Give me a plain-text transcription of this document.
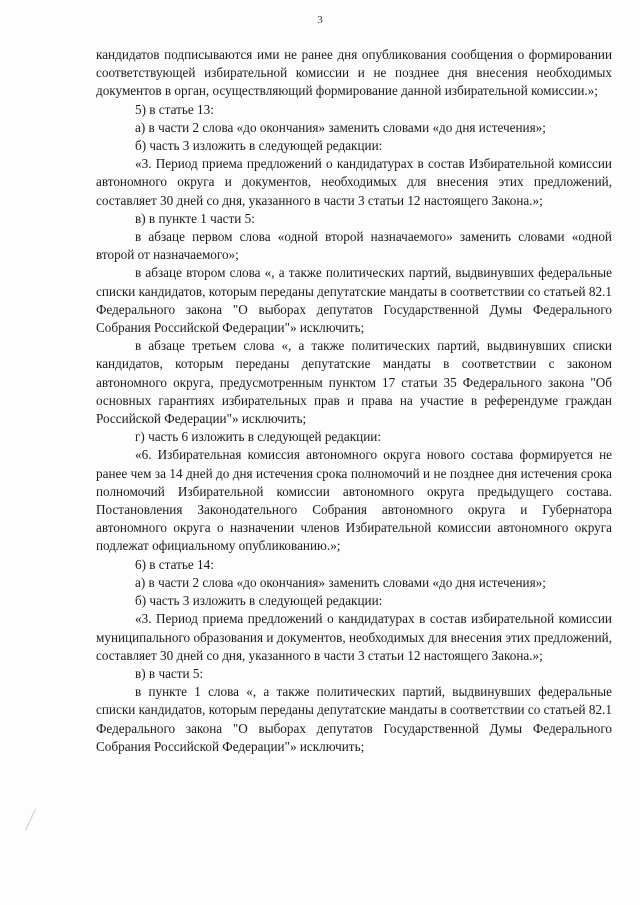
3

кандидатов подписываются ими не ранее дня опубликования сообщения о формировании соответствующей избирательной комиссии и не позднее дня внесения необходимых документов в орган, осуществляющий формирование данной избирательной комиссии.»;

5) в статье 13:

а) в части 2 слова «до окончания» заменить словами «до дня истечения»;

б) часть 3 изложить в следующей редакции:

«3. Период приема предложений о кандидатурах в состав Избирательной комиссии автономного округа и документов, необходимых для внесения этих предложений, составляет 30 дней со дня, указанного в части 3 статьи 12 настоящего Закона.»;

в) в пункте 1 части 5:

в абзаце первом слова «одной второй назначаемого» заменить словами «одной второй от назначаемого»;

в абзаце втором слова «, а также политических партий, выдвинувших федеральные списки кандидатов, которым переданы депутатские мандаты в соответствии со статьей 82.1 Федерального закона "О выборах депутатов Государственной Думы Федерального Собрания Российской Федерации"» исключить;

в абзаце третьем слова «, а также политических партий, выдвинувших списки кандидатов, которым переданы депутатские мандаты в соответствии с законом автономного округа, предусмотренным пунктом 17 статьи 35 Федерального закона "Об основных гарантиях избирательных прав и права на участие в референдуме граждан Российской Федерации"» исключить;

г) часть 6 изложить в следующей редакции:

«6. Избирательная комиссия автономного округа нового состава формируется не ранее чем за 14 дней до дня истечения срока полномочий и не позднее дня истечения срока полномочий Избирательной комиссии автономного округа предыдущего состава. Постановления Законодательного Собрания автономного округа и Губернатора автономного округа о назначении членов Избирательной комиссии автономного округа подлежат официальному опубликованию.»;

6) в статье 14:

а) в части 2 слова «до окончания» заменить словами «до дня истечения»;

б) часть 3 изложить в следующей редакции:

«3. Период приема предложений о кандидатурах в состав избирательной комиссии муниципального образования и документов, необходимых для внесения этих предложений, составляет 30 дней со дня, указанного в части 3 статьи 12 настоящего Закона.»;

в) в части 5:

в пункте 1 слова «, а также политических партий, выдвинувших федеральные списки кандидатов, которым переданы депутатские мандаты в соответствии со статьей 82.1 Федерального закона "О выборах депутатов Государственной Думы Федерального Собрания Российской Федерации"» исключить;
